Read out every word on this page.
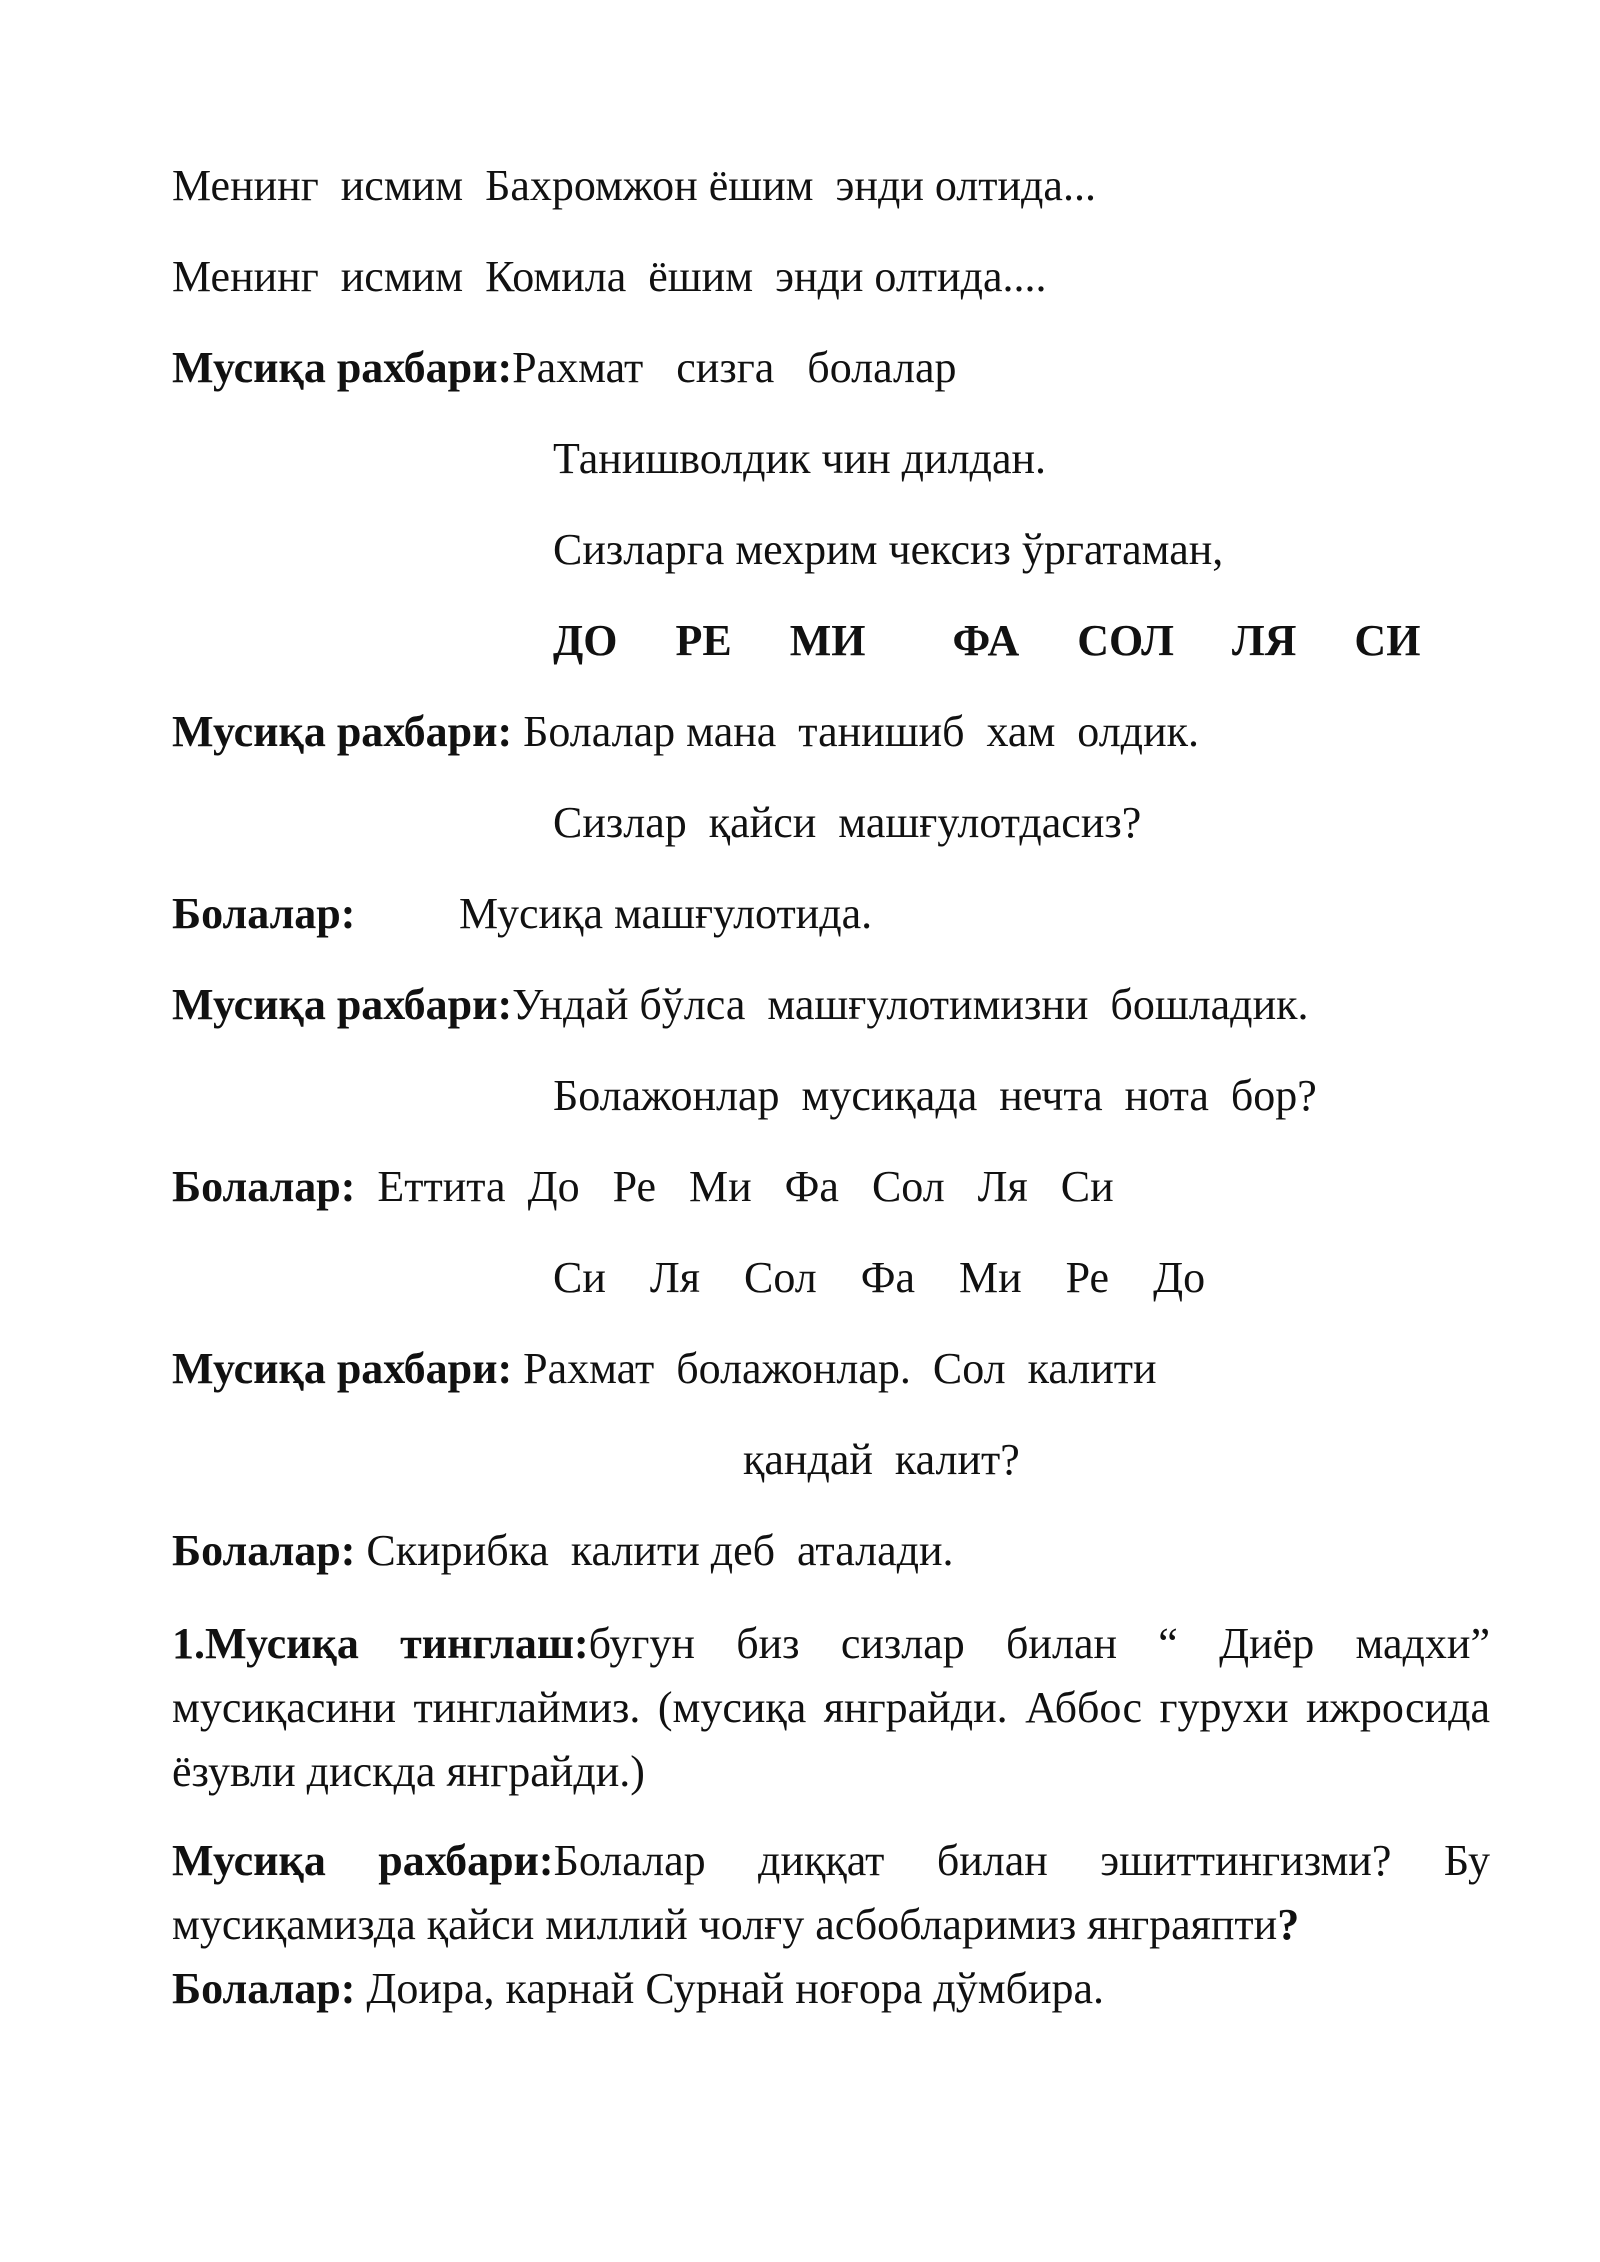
Менинг  исмим  Бахромжон ёшим  энди олтида...
Менинг  исмим  Комила  ёшим  энди олтида....
Мусиқа рахбари:Рахмат   сизга   болалар
Танишволдик чин дилдан.
Сизларга мехрим чексиз ўргатаман,
ДО  РЕ  МИ   ФА  СОЛ  ЛЯ  СИ
Мусиқа рахбари: Болалар мана  танишиб  хам  олдик.
Сизлар  қайси  машғулотдасиз?
Болалар: Мусиқа машғулотида.
Мусиқа рахбари:Ундай бўлса  машғулотимизни  бошладик.
Болажонлар  мусиқада  нечта  нота  бор?
Болалар:  Еттита  До   Ре   Ми   Фа   Сол   Ля   Си
Си    Ля    Сол    Фа    Ми    Ре    До
Мусиқа рахбари: Рахмат  болажонлар.  Сол  калити
қандай  калит?
Болалар: Скирибка  калити деб  аталади.
1.Мусиқа тинглаш:бугун биз сизлар билан “ Диёр мадхи” мусиқасини тинглаймиз. (мусиқа янграйди. Аббос гурухи ижросида ёзувли дискда янграйди.)
Мусиқа рахбари:Болалар диққат билан эшиттингизми? Бу мусиқамизда қайси миллий чолғу асбобларимиз янграяпти?
Болалар: Доира, карнай Сурнай ноғора дўмбира.
